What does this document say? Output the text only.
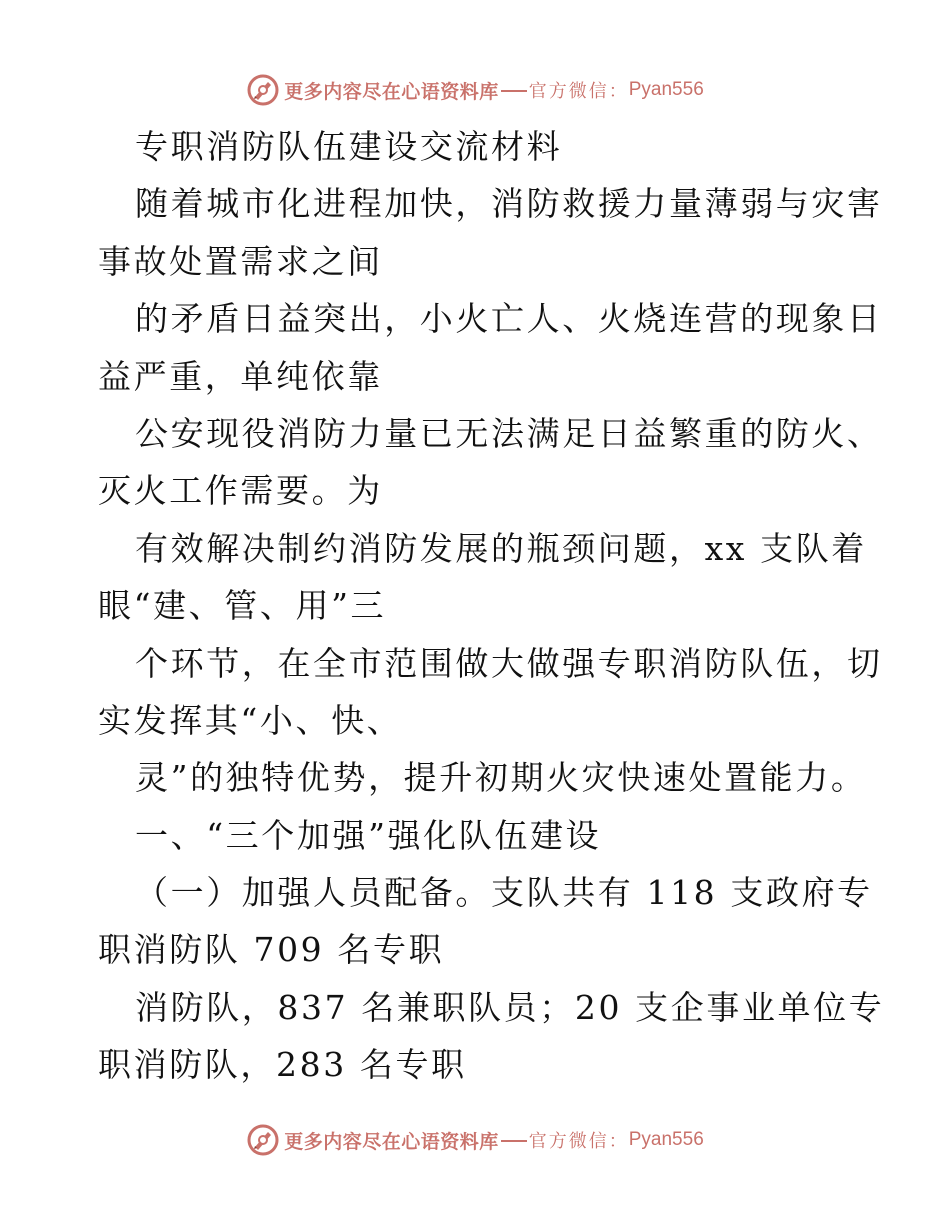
更多内容尽在心语资料库 官方微信： Pyan556
专职消防队伍建设交流材料
随着城市化进程加快，消防救援力量薄弱与灾害
事故处置需求之间
的矛盾日益突出，小火亡人、火烧连营的现象日
益严重，单纯依靠
公安现役消防力量已无法满足日益繁重的防火、
灭火工作需要。为
有效解决制约消防发展的瓶颈问题，xx 支队着
眼“建、管、用”三
个环节，在全市范围做大做强专职消防队伍，切
实发挥其“小、快、
灵”的独特优势，提升初期火灾快速处置能力。
一、“三个加强”强化队伍建设
（一）加强人员配备。支队共有 118 支政府专
职消防队 709 名专职
消防队，837 名兼职队员；20 支企事业单位专
职消防队，283 名专职
更多内容尽在心语资料库 官方微信： Pyan556
